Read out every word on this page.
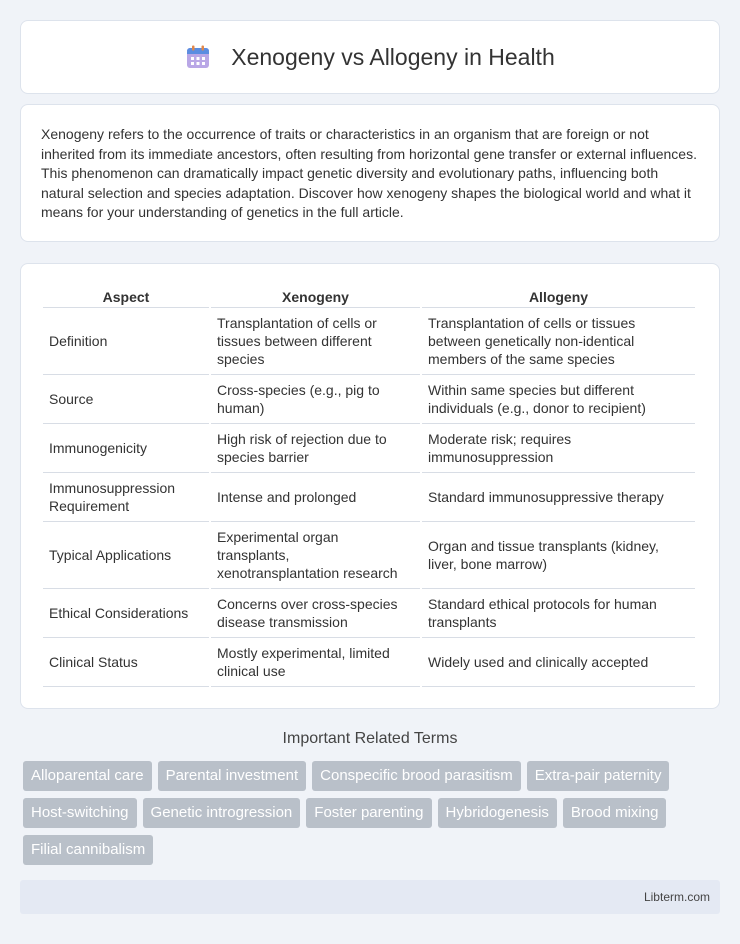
Xenogeny vs Allogeny in Health

Xenogeny refers to the occurrence of traits or characteristics in an organism that are foreign or not inherited from its immediate ancestors, often resulting from horizontal gene transfer or external influences. This phenomenon can dramatically impact genetic diversity and evolutionary paths, influencing both natural selection and species adaptation. Discover how xenogeny shapes the biological world and what it means for your understanding of genetics in the full article.

Aspect	Xenogeny	Allogeny
Definition	Transplantation of cells or tissues between different species	Transplantation of cells or tissues between genetically non-identical members of the same species
Source	Cross-species (e.g., pig to human)	Within same species but different individuals (e.g., donor to recipient)
Immunogenicity	High risk of rejection due to species barrier	Moderate risk; requires immunosuppression
Immunosuppression Requirement	Intense and prolonged	Standard immunosuppressive therapy
Typical Applications	Experimental organ transplants, xenotransplantation research	Organ and tissue transplants (kidney, liver, bone marrow)
Ethical Considerations	Concerns over cross-species disease transmission	Standard ethical protocols for human transplants
Clinical Status	Mostly experimental, limited clinical use	Widely used and clinically accepted
Important Related Terms
Alloparental care	Parental investment	Conspecific brood parasitism	Extra-pair paternity
Host-switching	Genetic introgression	Foster parenting	Hybridogenesis	Brood mixing
Filial cannibalism
Libterm.com
